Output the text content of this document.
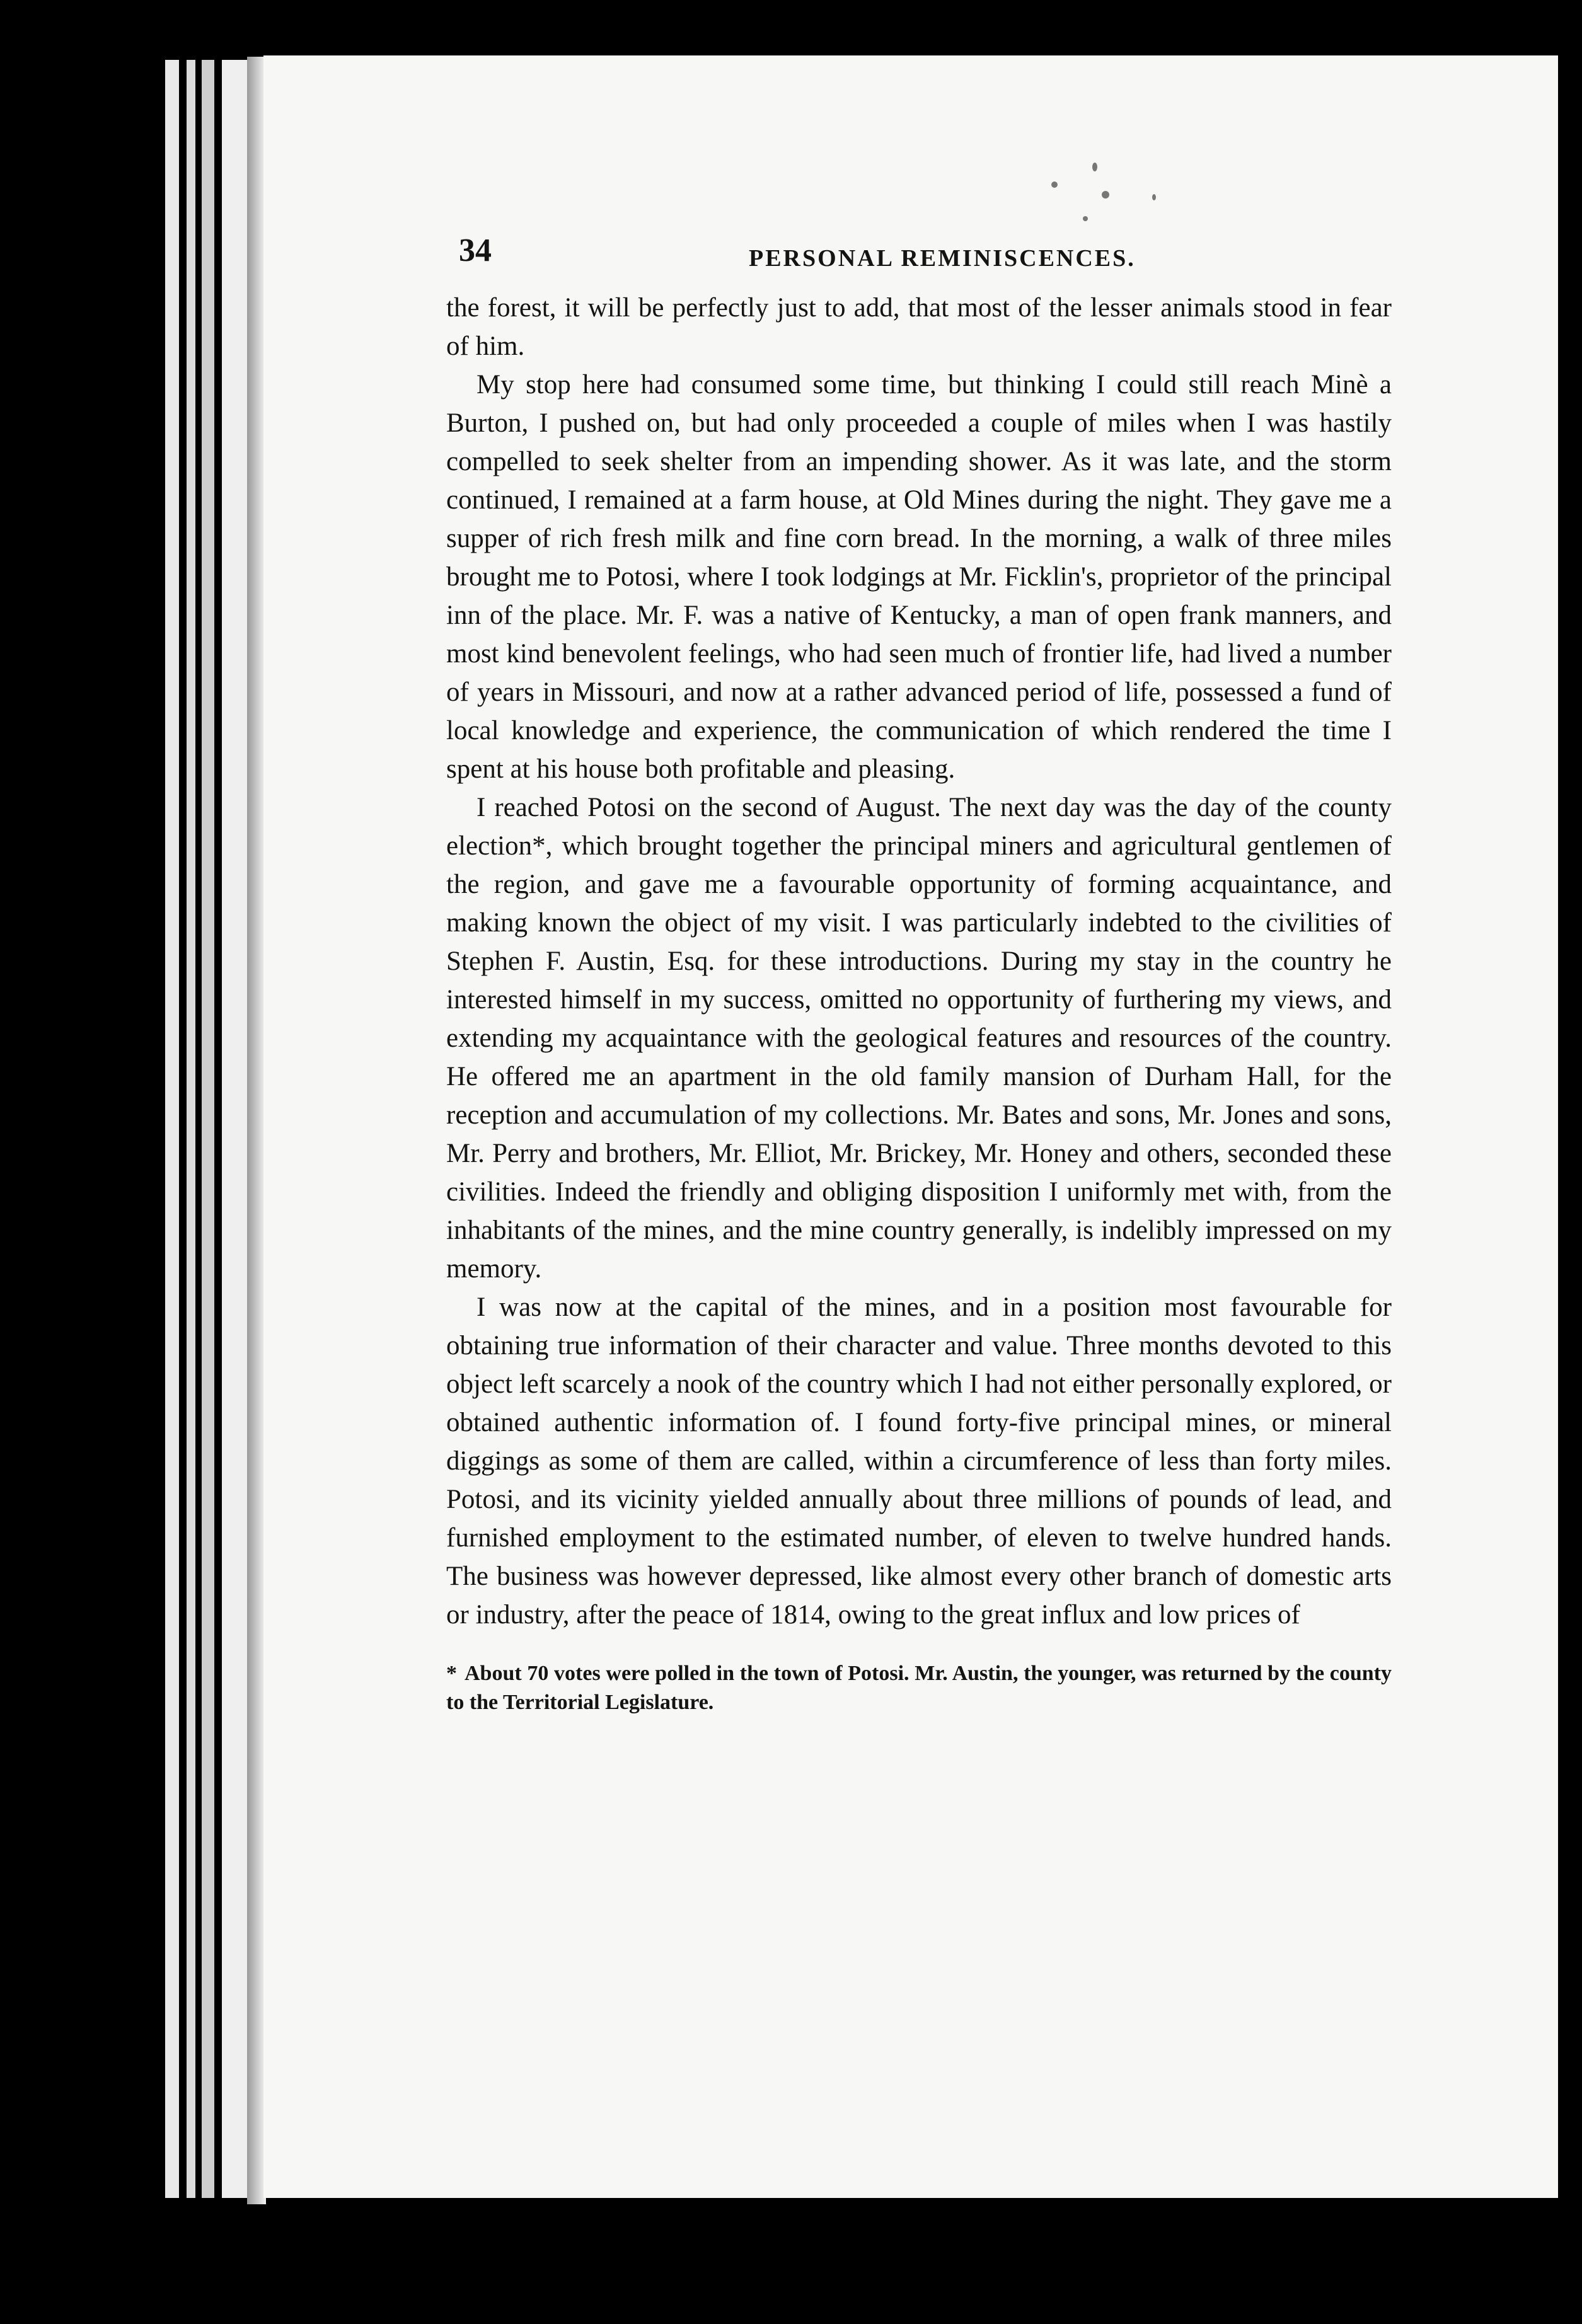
34	PERSONAL REMINISCENCES.

the forest, it will be perfectly just to add, that most of the lesser animals stood in fear of him.

My stop here had consumed some time, but thinking I could still reach Minè a Burton, I pushed on, but had only proceeded a couple of miles when I was hastily compelled to seek shelter from an impending shower. As it was late, and the storm continued, I remained at a farm house, at Old Mines during the night. They gave me a supper of rich fresh milk and fine corn bread. In the morning, a walk of three miles brought me to Potosi, where I took lodgings at Mr. Ficklin's, proprietor of the principal inn of the place. Mr. F. was a native of Kentucky, a man of open frank manners, and most kind benevolent feelings, who had seen much of frontier life, had lived a number of years in Missouri, and now at a rather advanced period of life, possessed a fund of local knowledge and experience, the communication of which rendered the time I spent at his house both profitable and pleasing.

I reached Potosi on the second of August. The next day was the day of the county election*, which brought together the principal miners and agricultural gentlemen of the region, and gave me a favourable opportunity of forming acquaintance, and making known the object of my visit. I was particularly indebted to the civilities of Stephen F. Austin, Esq. for these introductions. During my stay in the country he interested himself in my success, omitted no opportunity of furthering my views, and extending my acquaintance with the geological features and resources of the country. He offered me an apartment in the old family mansion of Durham Hall, for the reception and accumulation of my collections. Mr. Bates and sons, Mr. Jones and sons, Mr. Perry and brothers, Mr. Elliot, Mr. Brickey, Mr. Honey and others, seconded these civilities. Indeed the friendly and obliging disposition I uniformly met with, from the inhabitants of the mines, and the mine country generally, is indelibly impressed on my memory.

I was now at the capital of the mines, and in a position most favourable for obtaining true information of their character and value. Three months devoted to this object left scarcely a nook of the country which I had not either personally explored, or obtained authentic information of. I found forty-five principal mines, or mineral diggings as some of them are called, within a circumference of less than forty miles. Potosi, and its vicinity yielded annually about three millions of pounds of lead, and furnished employment to the estimated number, of eleven to twelve hundred hands. The business was however depressed, like almost every other branch of domestic arts or industry, after the peace of 1814, owing to the great influx and low prices of

* About 70 votes were polled in the town of Potosi. Mr. Austin, the younger, was returned by the county to the Territorial Legislature.
